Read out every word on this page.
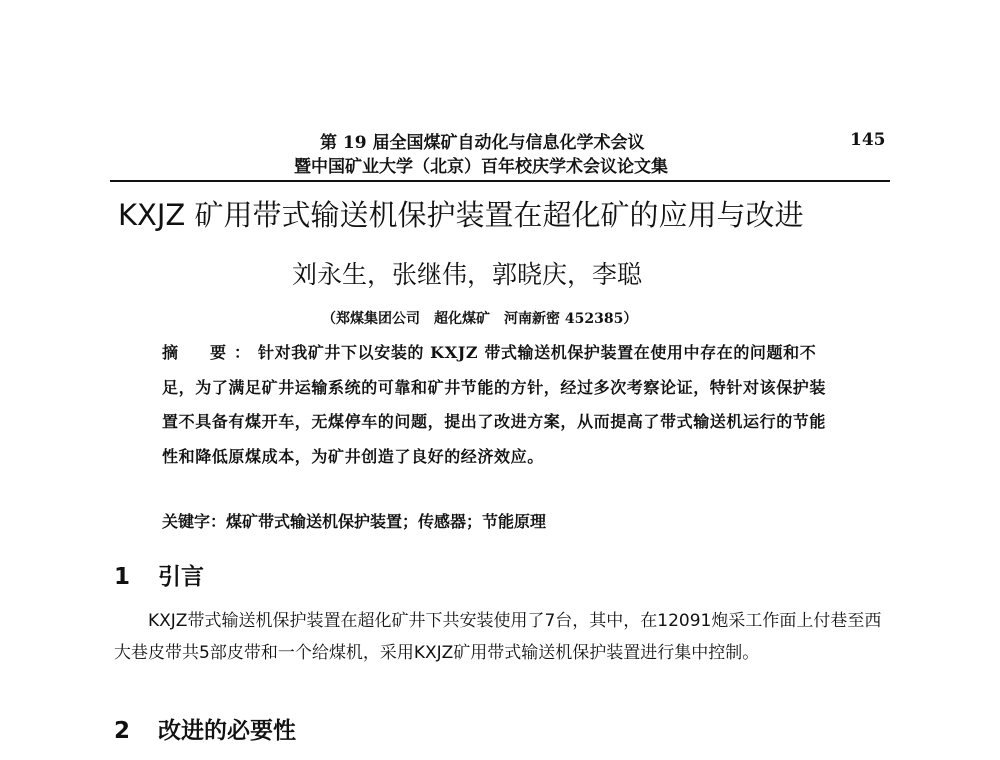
第 19 届全国煤矿自动化与信息化学术会议
暨中国矿业大学（北京）百年校庆学术会议论文集
145
KXJZ 矿用带式输送机保护装置在超化矿的应用与改进
刘永生，张继伟，郭晓庆，李聪
（郑煤集团公司　超化煤矿　河南新密 452385）
摘　要：针对我矿井下以安装的 KXJZ 带式输送机保护装置在使用中存在的问题和不足，为了满足矿井运输系统的可靠和矿井节能的方针，经过多次考察论证，特针对该保护装置不具备有煤开车，无煤停车的问题，提出了改进方案，从而提高了带式输送机运行的节能性和降低原煤成本，为矿井创造了良好的经济效应。
关键字：煤矿带式输送机保护装置；传感器；节能原理
1 引言
KXJZ带式输送机保护装置在超化矿井下共安装使用了7台，其中，在12091炮采工作面上付巷至西大巷皮带共5部皮带和一个给煤机，采用KXJZ矿用带式输送机保护装置进行集中控制。
2 改进的必要性
